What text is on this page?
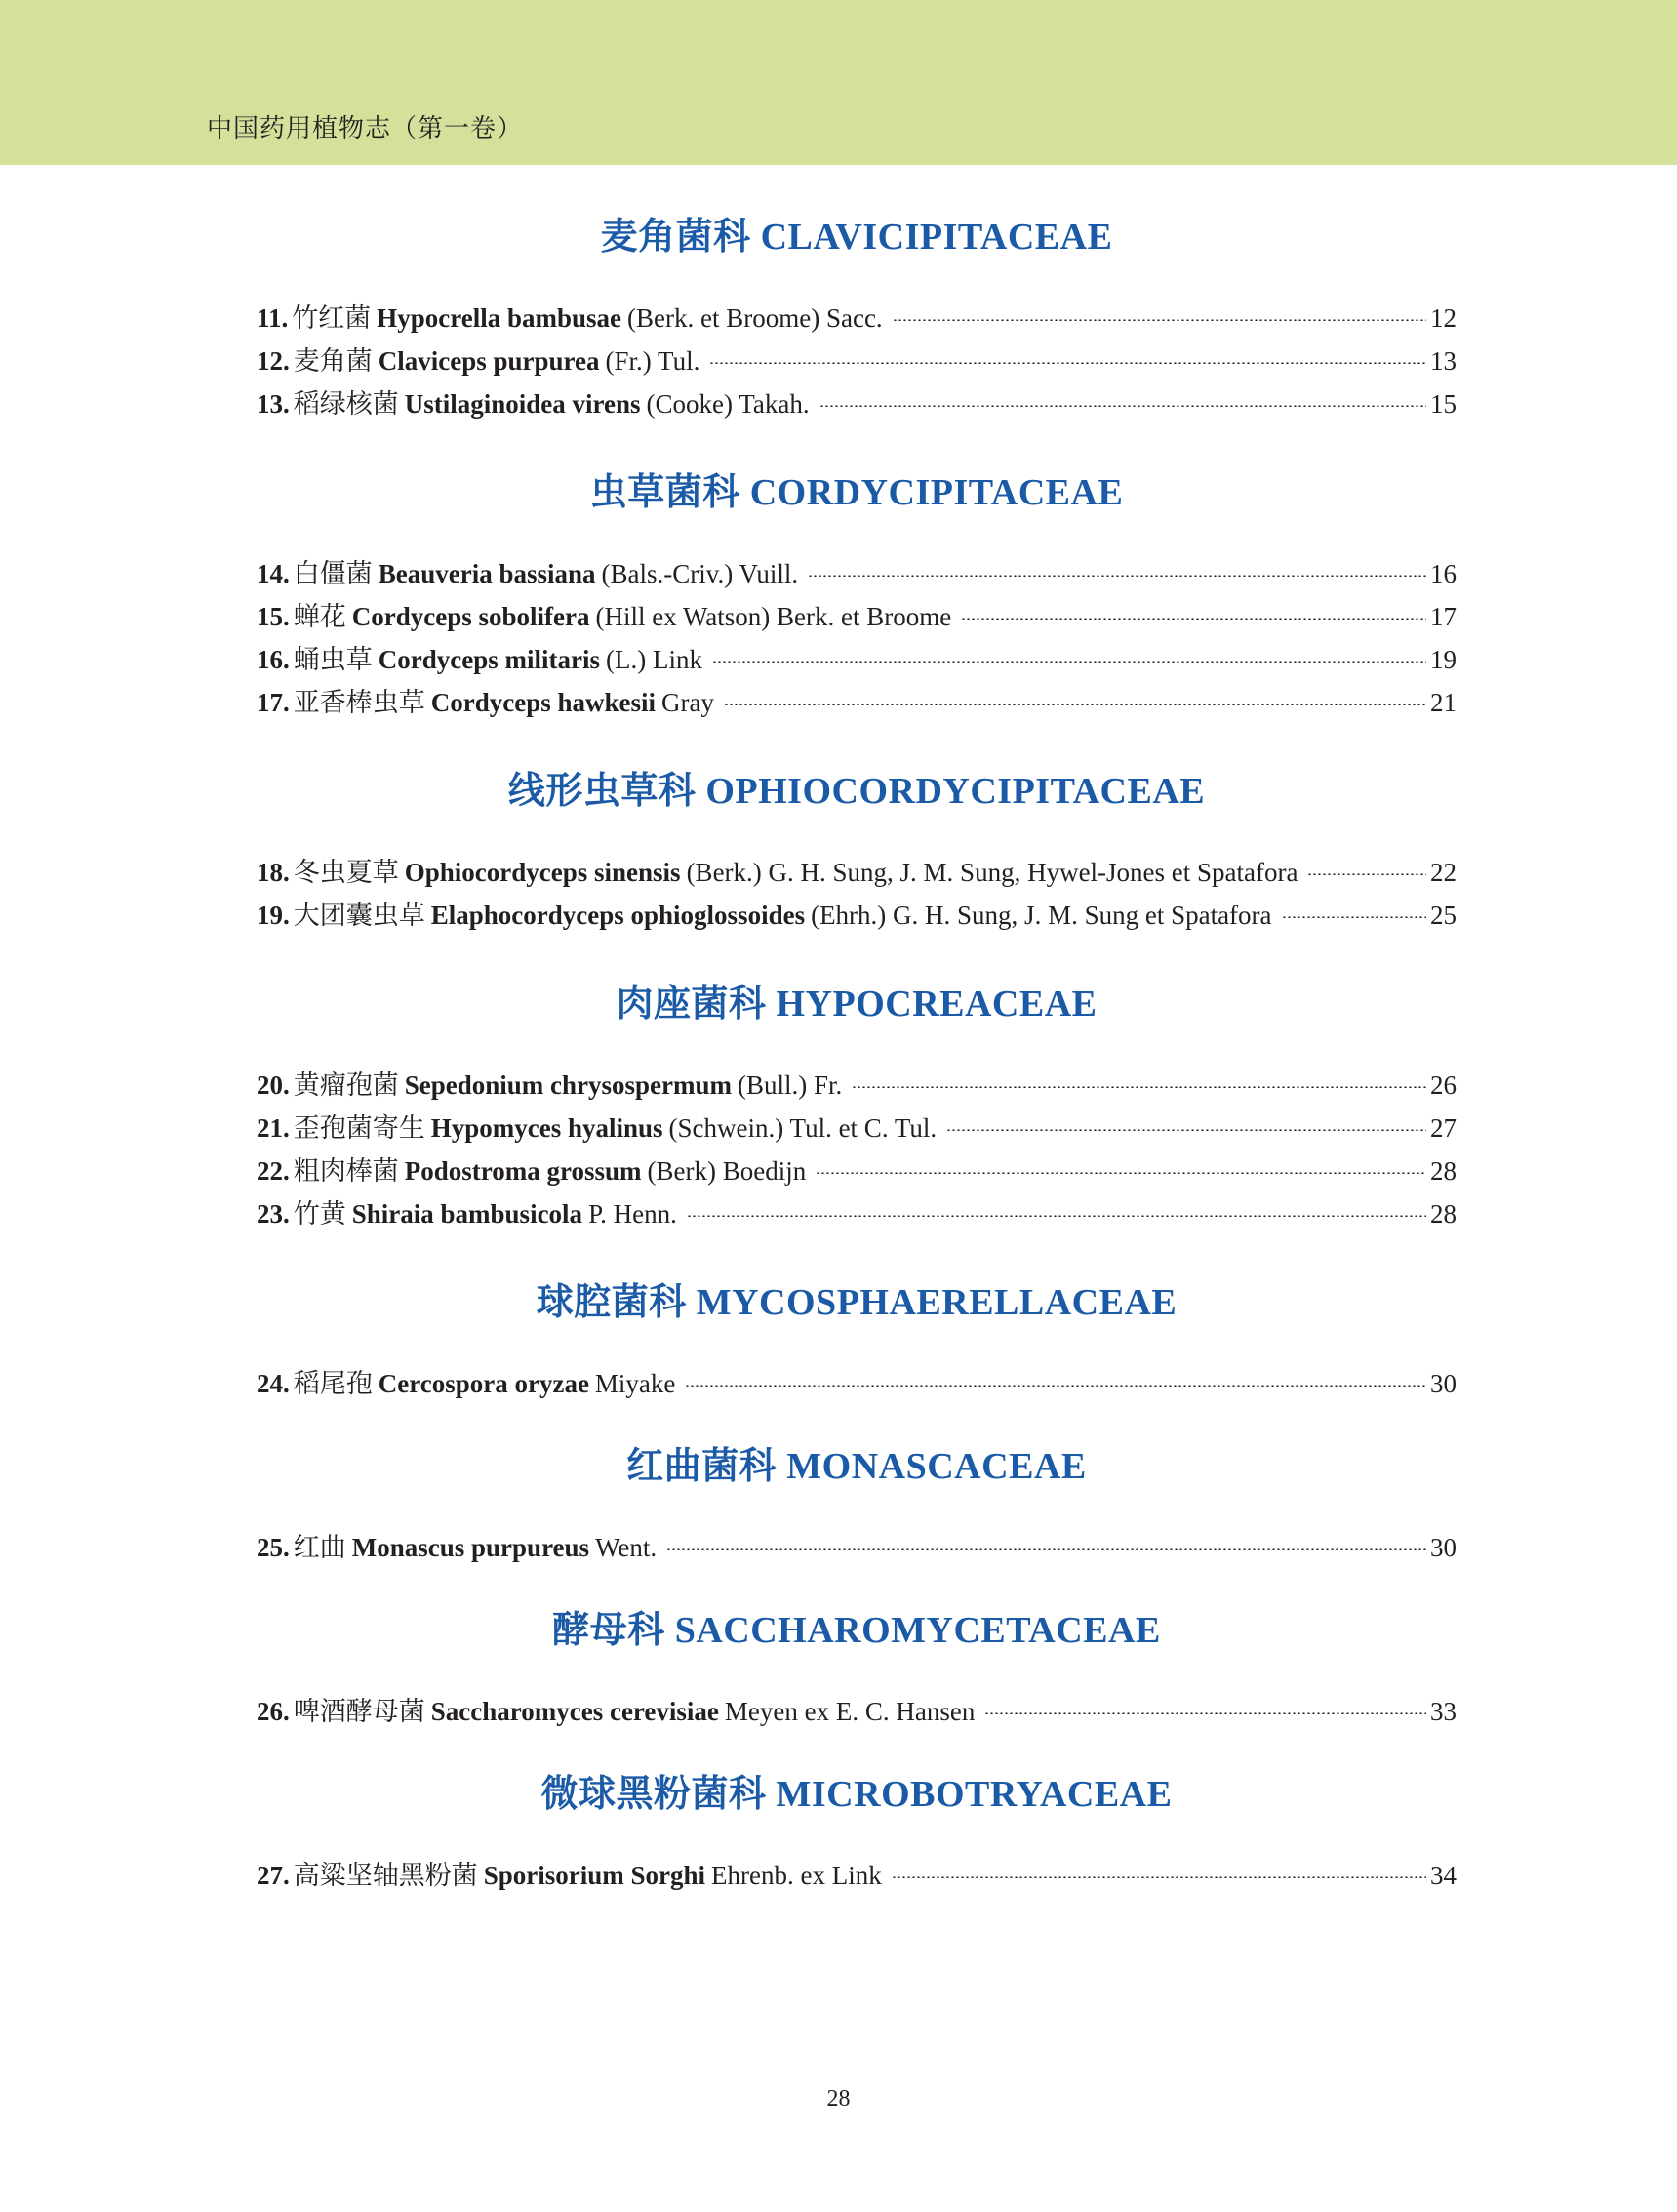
中国药用植物志（第一卷）
麦角菌科 CLAVICIPITACEAE
11. 竹红菌 Hypocrella bambusae (Berk. et Broome) Sacc.	12
12. 麦角菌 Claviceps purpurea (Fr.) Tul.	13
13. 稻绿核菌 Ustilaginoidea virens (Cooke) Takah.	15
虫草菌科 CORDYCIPITACEAE
14. 白僵菌 Beauveria bassiana (Bals.-Criv.) Vuill.	16
15. 蝉花 Cordyceps sobolifera (Hill ex Watson) Berk. et Broome	17
16. 蛹虫草 Cordyceps militaris (L.) Link	19
17. 亚香棒虫草 Cordyceps hawkesii Gray	21
线形虫草科 OPHIOCORDYCIPITACEAE
18. 冬虫夏草 Ophiocordyceps sinensis (Berk.) G. H. Sung, J. M. Sung, Hywel-Jones et Spatafora	22
19. 大团囊虫草 Elaphocordyceps ophioglossoides (Ehrh.) G. H. Sung, J. M. Sung et Spatafora	25
肉座菌科 HYPOCREACEAE
20. 黄瘤孢菌 Sepedonium chrysospermum (Bull.) Fr.	26
21. 歪孢菌寄生 Hypomyces hyalinus (Schwein.) Tul. et C. Tul.	27
22. 粗肉棒菌 Podostroma grossum (Berk) Boedijn	28
23. 竹黄 Shiraia bambusicola P. Henn.	28
球腔菌科 MYCOSPHAERELLACEAE
24. 稻尾孢 Cercospora oryzae Miyake	30
红曲菌科 MONASCACEAE
25. 红曲 Monascus purpureus Went.	30
酵母科 SACCHAROMYCETACEAE
26. 啤酒酵母菌 Saccharomyces cerevisiae Meyen ex E. C. Hansen	33
微球黑粉菌科 MICROBOTRYACEAE
27. 高粱坚轴黑粉菌 Sporisorium Sorghi Ehrenb. ex Link	34
28
